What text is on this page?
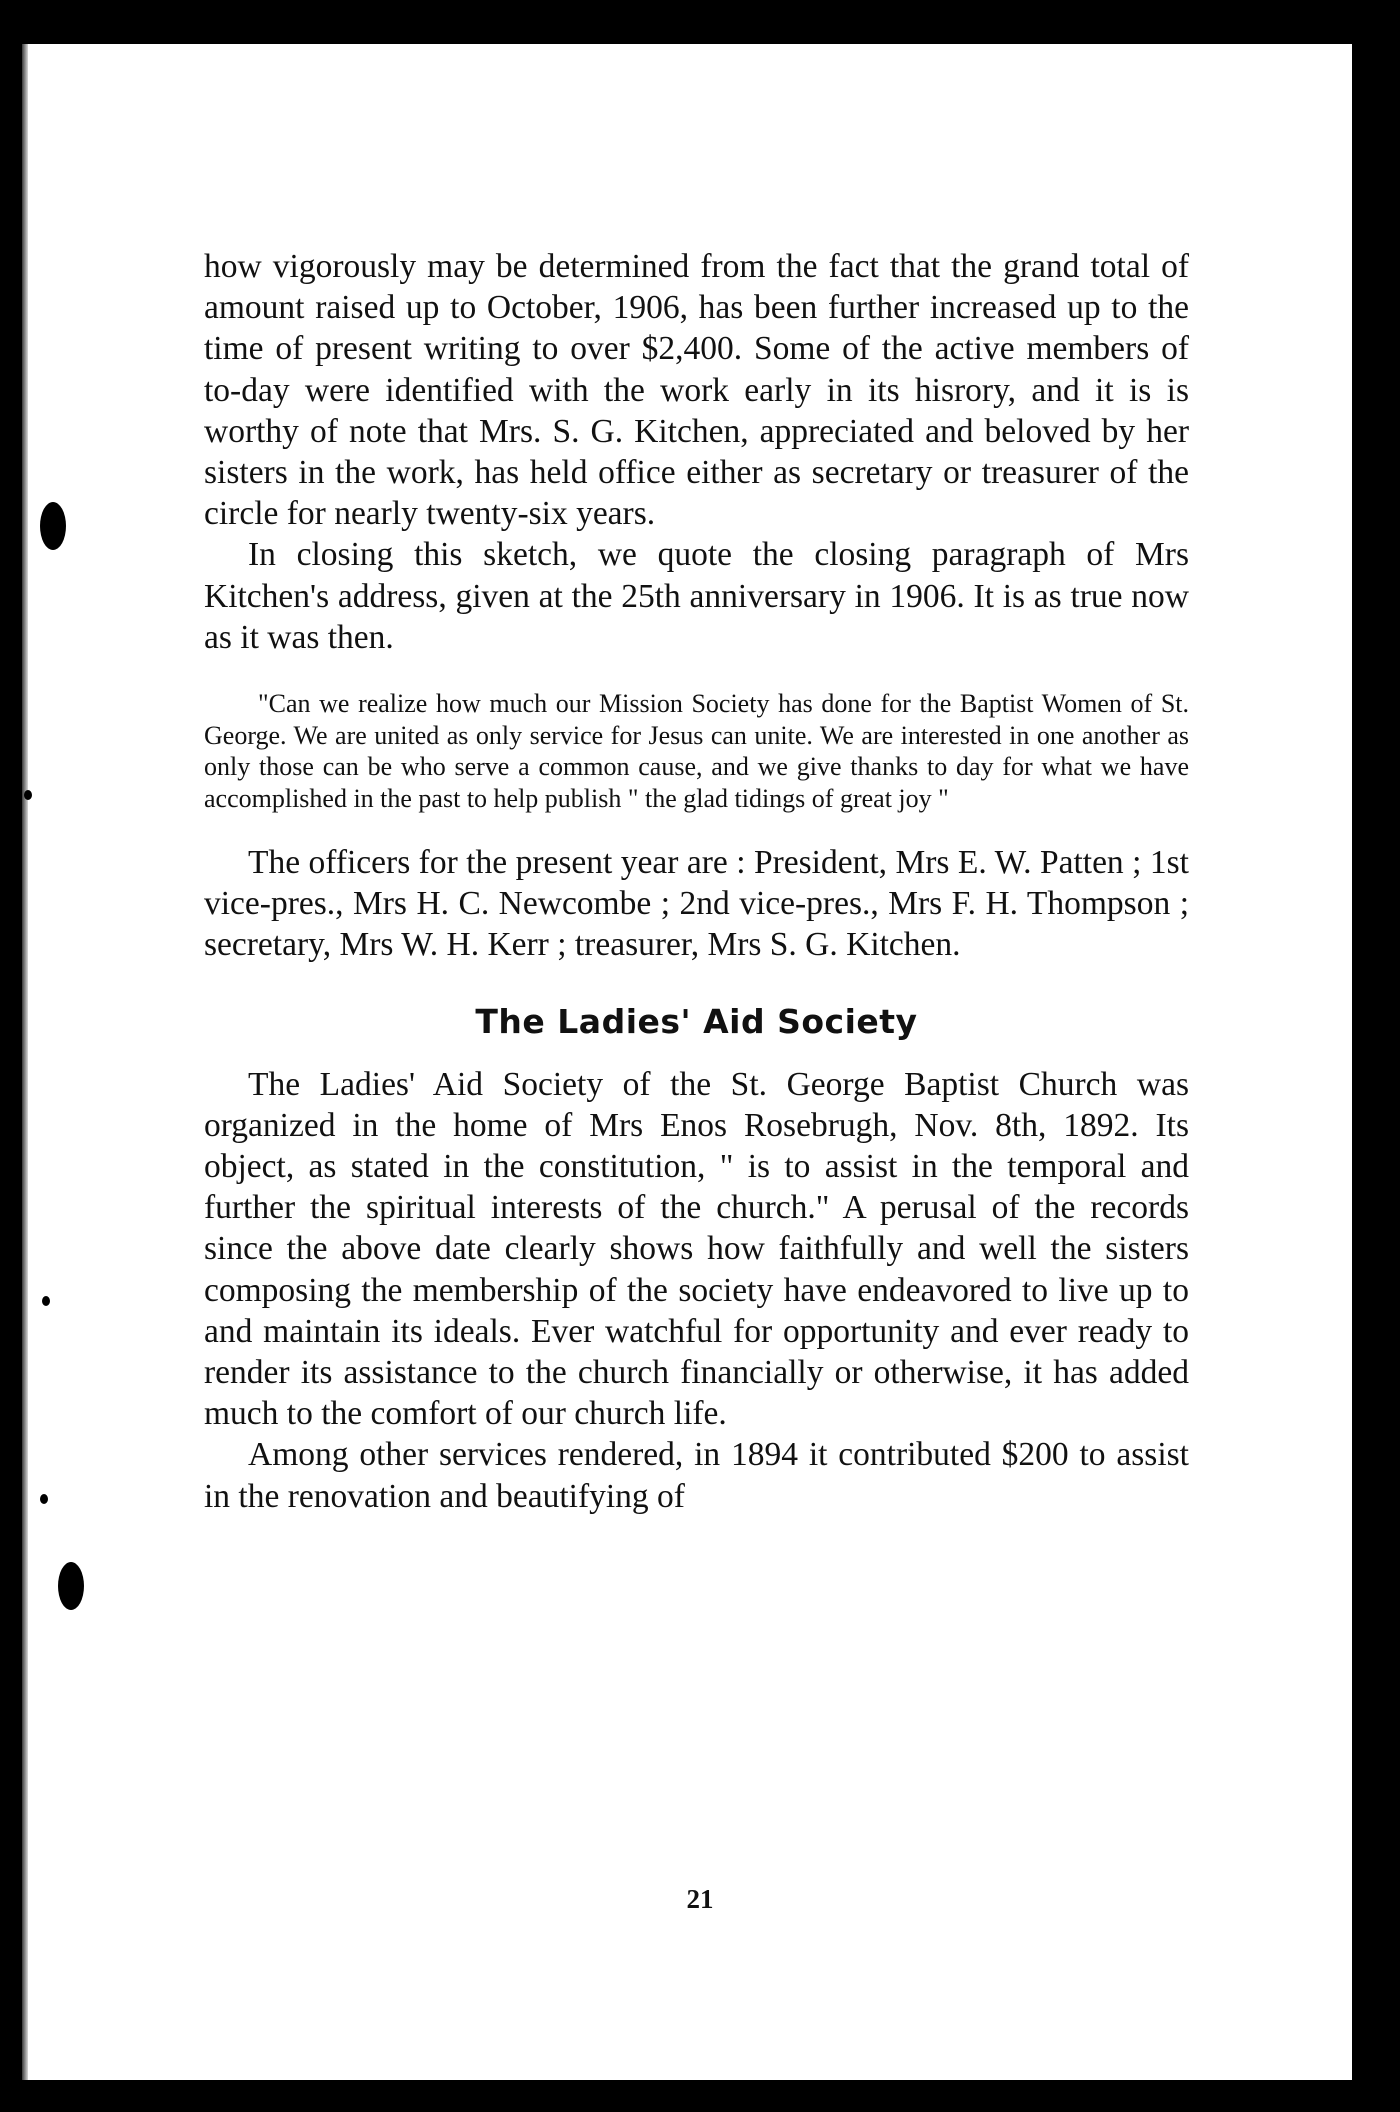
how vigorously may be determined from the fact that the grand total of amount raised up to October, 1906, has been further increased up to the time of present writing to over $2,400. Some of the active members of to-day were identified with the work early in its hisrory, and it is is worthy of note that Mrs. S. G. Kitchen, appreciated and beloved by her sisters in the work, has held office either as secretary or treasurer of the circle for nearly twenty-six years.

In closing this sketch, we quote the closing paragraph of Mrs Kitchen's address, given at the 25th anniversary in 1906. It is as true now as it was then.

"Can we realize how much our Mission Society has done for the Baptist Women of St. George. We are united as only service for Jesus can unite. We are interested in one another as only those can be who serve a common cause, and we give thanks to day for what we have accomplished in the past to help publish " the glad tidings of great joy "

The officers for the present year are : President, Mrs E. W. Patten ; 1st vice-pres., Mrs H. C. Newcombe ; 2nd vice-pres., Mrs F. H. Thompson ; secretary, Mrs W. H. Kerr ; treasurer, Mrs S. G. Kitchen.

The Ladies' Aid Society

The Ladies' Aid Society of the St. George Baptist Church was organized in the home of Mrs Enos Rosebrugh, Nov. 8th, 1892. Its object, as stated in the constitution, " is to assist in the temporal and further the spiritual interests of the church." A perusal of the records since the above date clearly shows how faithfully and well the sisters composing the membership of the society have endeavored to live up to and maintain its ideals. Ever watchful for opportunity and ever ready to render its assistance to the church financially or otherwise, it has added much to the comfort of our church life.

Among other services rendered, in 1894 it contributed $200 to assist in the renovation and beautifying of

21
